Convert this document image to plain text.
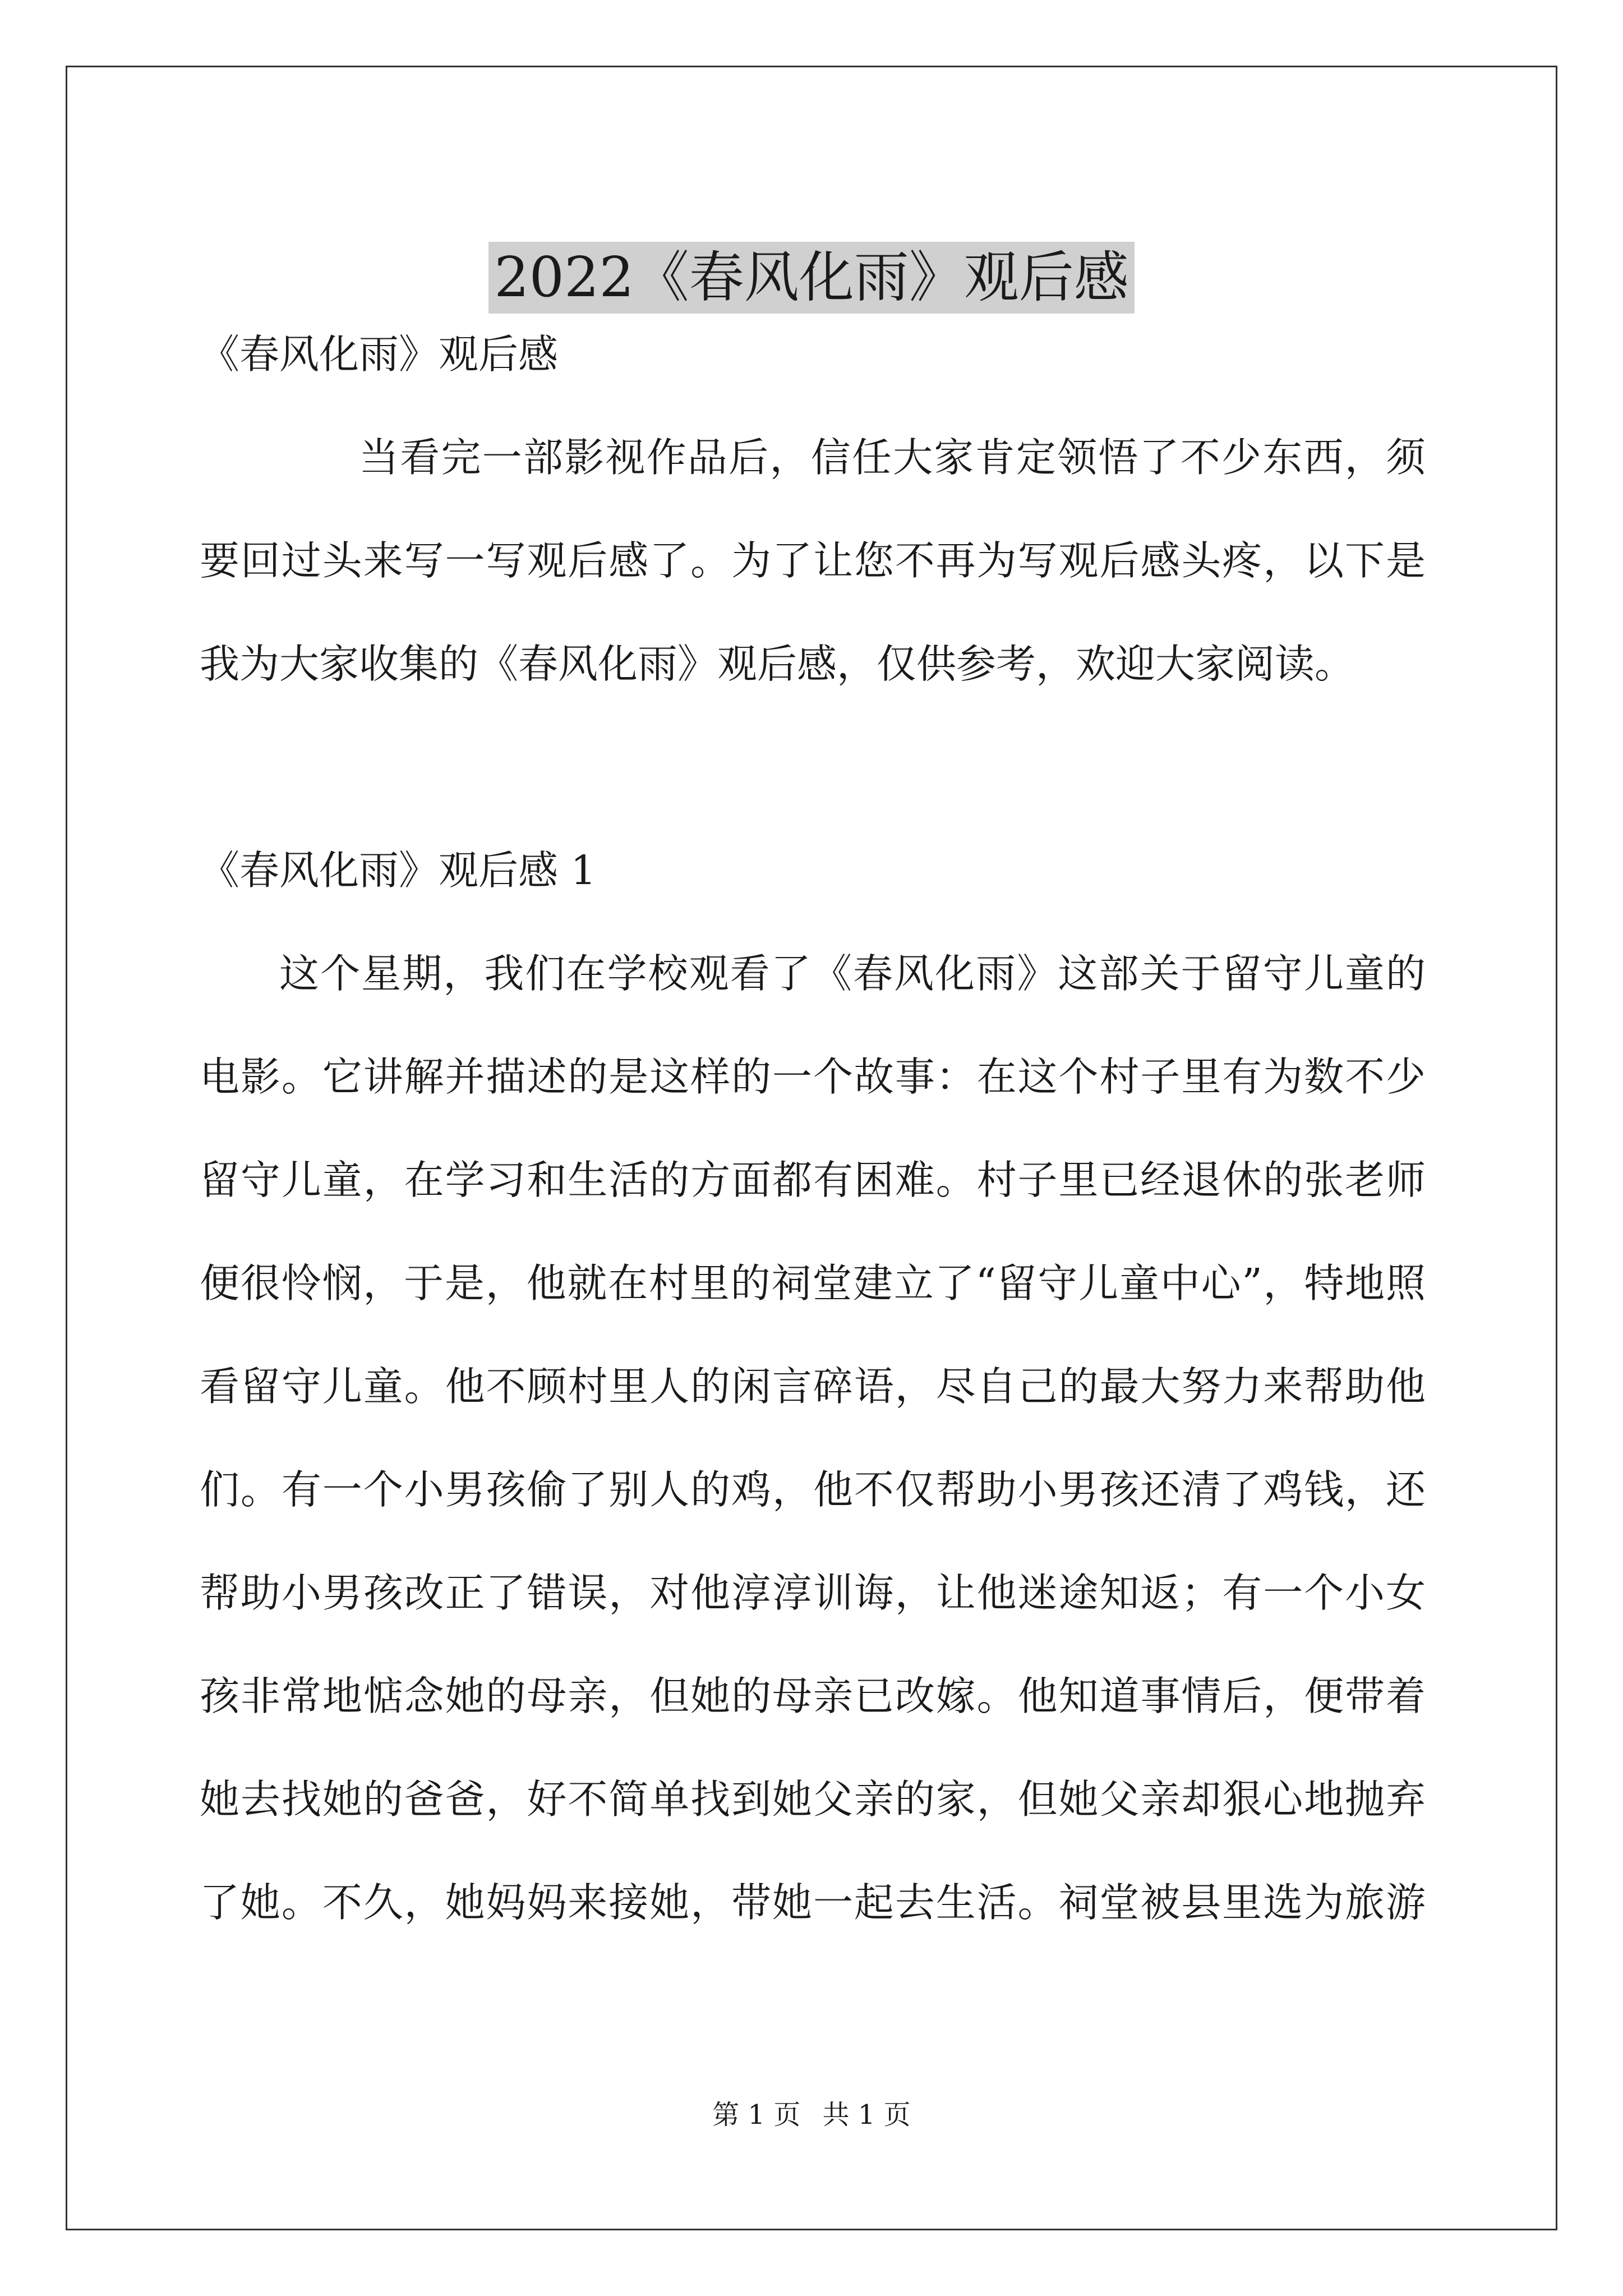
2022《春风化雨》观后感
《春风化雨》观后感
当看完一部影视作品后，信任大家肯定领悟了不少东西，须
要回过头来写一写观后感了。为了让您不再为写观后感头疼，以下是
我为大家收集的《春风化雨》观后感，仅供参考，欢迎大家阅读。
《春风化雨》观后感 1
这个星期，我们在学校观看了《春风化雨》这部关于留守儿童的
电影。它讲解并描述的是这样的一个故事：在这个村子里有为数不少
留守儿童，在学习和生活的方面都有困难。村子里已经退休的张老师
便很怜悯，于是，他就在村里的祠堂建立了“留守儿童中心”，特地照
看留守儿童。他不顾村里人的闲言碎语，尽自己的最大努力来帮助他
们。有一个小男孩偷了别人的鸡，他不仅帮助小男孩还清了鸡钱，还
帮助小男孩改正了错误，对他淳淳训诲，让他迷途知返；有一个小女
孩非常地惦念她的母亲，但她的母亲已改嫁。他知道事情后，便带着
她去找她的爸爸，好不简单找到她父亲的家，但她父亲却狠心地抛弃
了她。不久，她妈妈来接她，带她一起去生活。祠堂被县里选为旅游
第 1 页 共 1 页
